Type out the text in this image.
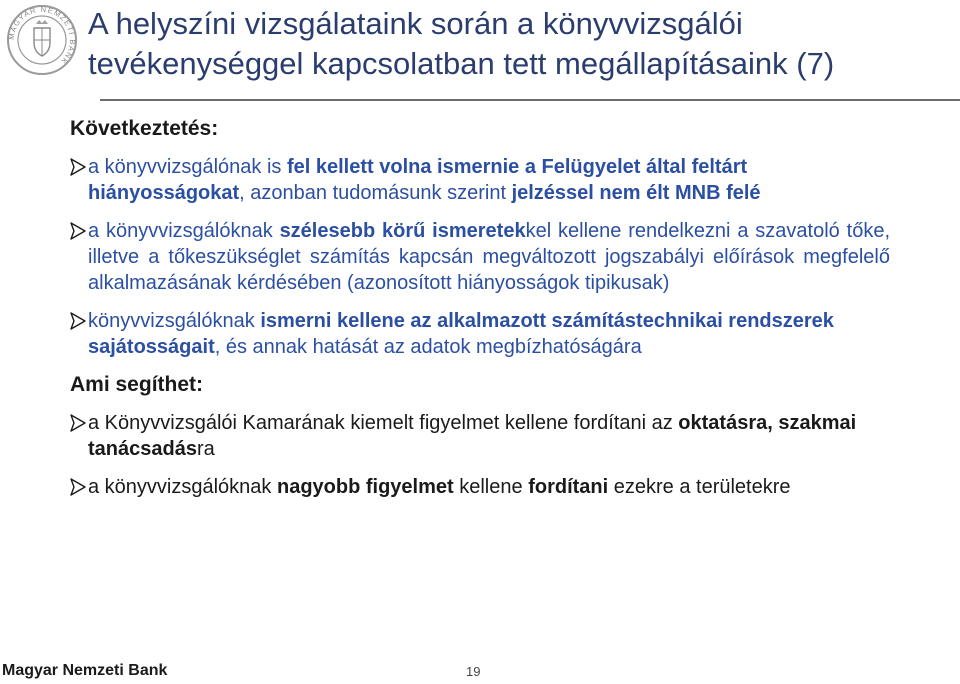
MAGYAR NEMZETI BANK
A helyszíni vizsgálataink során a könyvvizsgálói tevékenységgel kapcsolatban tett megállapításaink (7)
Következtetés:
a könyvvizsgálónak is fel kellett volna ismernie a Felügyelet által feltárt hiányosságokat, azonban tudomásunk szerint jelzéssel nem élt MNB felé
a könyvvizsgálóknak szélesebb körű ismeretekkel kellene rendelkezni a szavatoló tőke, illetve a tőkeszükséglet számítás kapcsán megváltozott jogszabályi előírások megfelelő alkalmazásának kérdésében (azonosított hiányosságok tipikusak)
könyvvizsgálóknak ismerni kellene az alkalmazott számítástechnikai rendszerek sajátosságait, és annak hatását az adatok megbízhatóságára
Ami segíthet:
a Könyvvizsgálói Kamarának kiemelt figyelmet kellene fordítani az oktatásra, szakmai tanácsadásra
a könyvvizsgálóknak nagyobb figyelmet kellene fordítani ezekre a területekre
Magyar Nemzeti Bank	19
